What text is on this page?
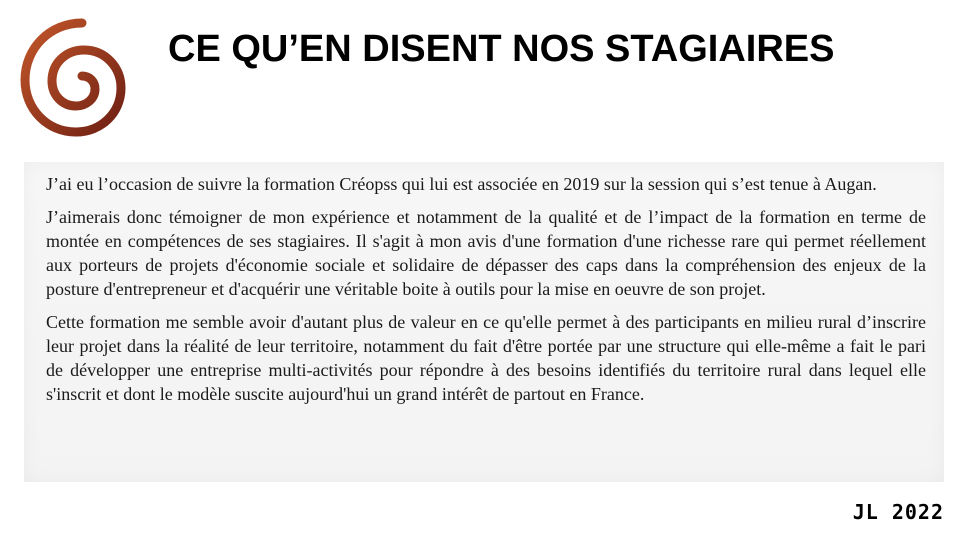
CE QU’EN DISENT NOS STAGIAIRES

J’ai eu l’occasion de suivre la formation Créopss qui lui est associée en 2019 sur la session qui s’est tenue à Augan.

J’aimerais donc témoigner de mon expérience et notamment de la qualité et de l’impact de la formation en terme de montée en compétences de ses stagiaires. Il s'agit à mon avis d'une formation d'une richesse rare qui permet réellement aux porteurs de projets d'économie sociale et solidaire de dépasser des caps dans la compréhension des enjeux de la posture d'entrepreneur et d'acquérir une véritable boite à outils pour la mise en oeuvre de son projet.

Cette formation me semble avoir d'autant plus de valeur en ce qu'elle permet à des participants en milieu rural d’inscrire leur projet dans la réalité de leur territoire, notamment du fait d'être portée par une structure qui elle-même a fait le pari de développer une entreprise multi-activités pour répondre à des besoins identifiés du territoire rural dans lequel elle s'inscrit et dont le modèle suscite aujourd'hui un grand intérêt de partout en France.

JL 2022
